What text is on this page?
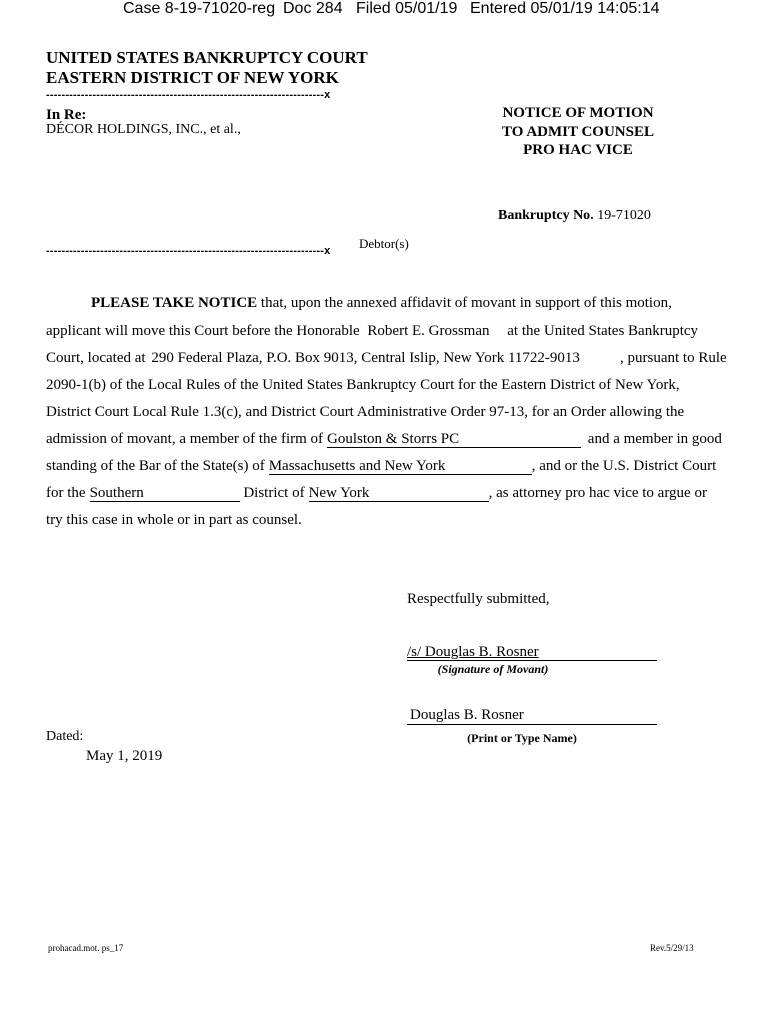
Case 8-19-71020-reg Doc 284 Filed 05/01/19 Entered 05/01/19 14:05:14
UNITED STATES BANKRUPTCY COURT
EASTERN DISTRICT OF NEW YORK
------------------------------------------------------------------------x
In Re:
DÉCOR HOLDINGS, INC., et al.,
Debtor(s)
------------------------------------------------------------------------x
NOTICE OF MOTION
TO ADMIT COUNSEL
PRO HAC VICE
Bankruptcy No. 19-71020
PLEASE TAKE NOTICE that, upon the annexed affidavit of movant in support of this motion,
applicant will move this Court before the Honorable Robert E. Grossman at the United States Bankruptcy
Court, located at 290 Federal Plaza, P.O. Box 9013, Central Islip, New York 11722-9013	, pursuant to Rule
2090-1(b) of the Local Rules of the United States Bankruptcy Court for the Eastern District of New York,
District Court Local Rule 1.3(c), and District Court Administrative Order 97-13, for an Order allowing the
admission of movant, a member of the firm of Goulston & Storrs PC	and a member in good
standing of the Bar of the State(s) of Massachusetts and New York	, and or the U.S. District Court
for the Southern	District of New York	, as attorney pro hac vice to argue or
try this case in whole or in part as counsel.
Respectfully submitted,
/s/ Douglas B. Rosner
(Signature of Movant)
Douglas B. Rosner
(Print or Type Name)
Dated:
May 1, 2019
prohacad.mot. ps_17	Rev.5/29/13
